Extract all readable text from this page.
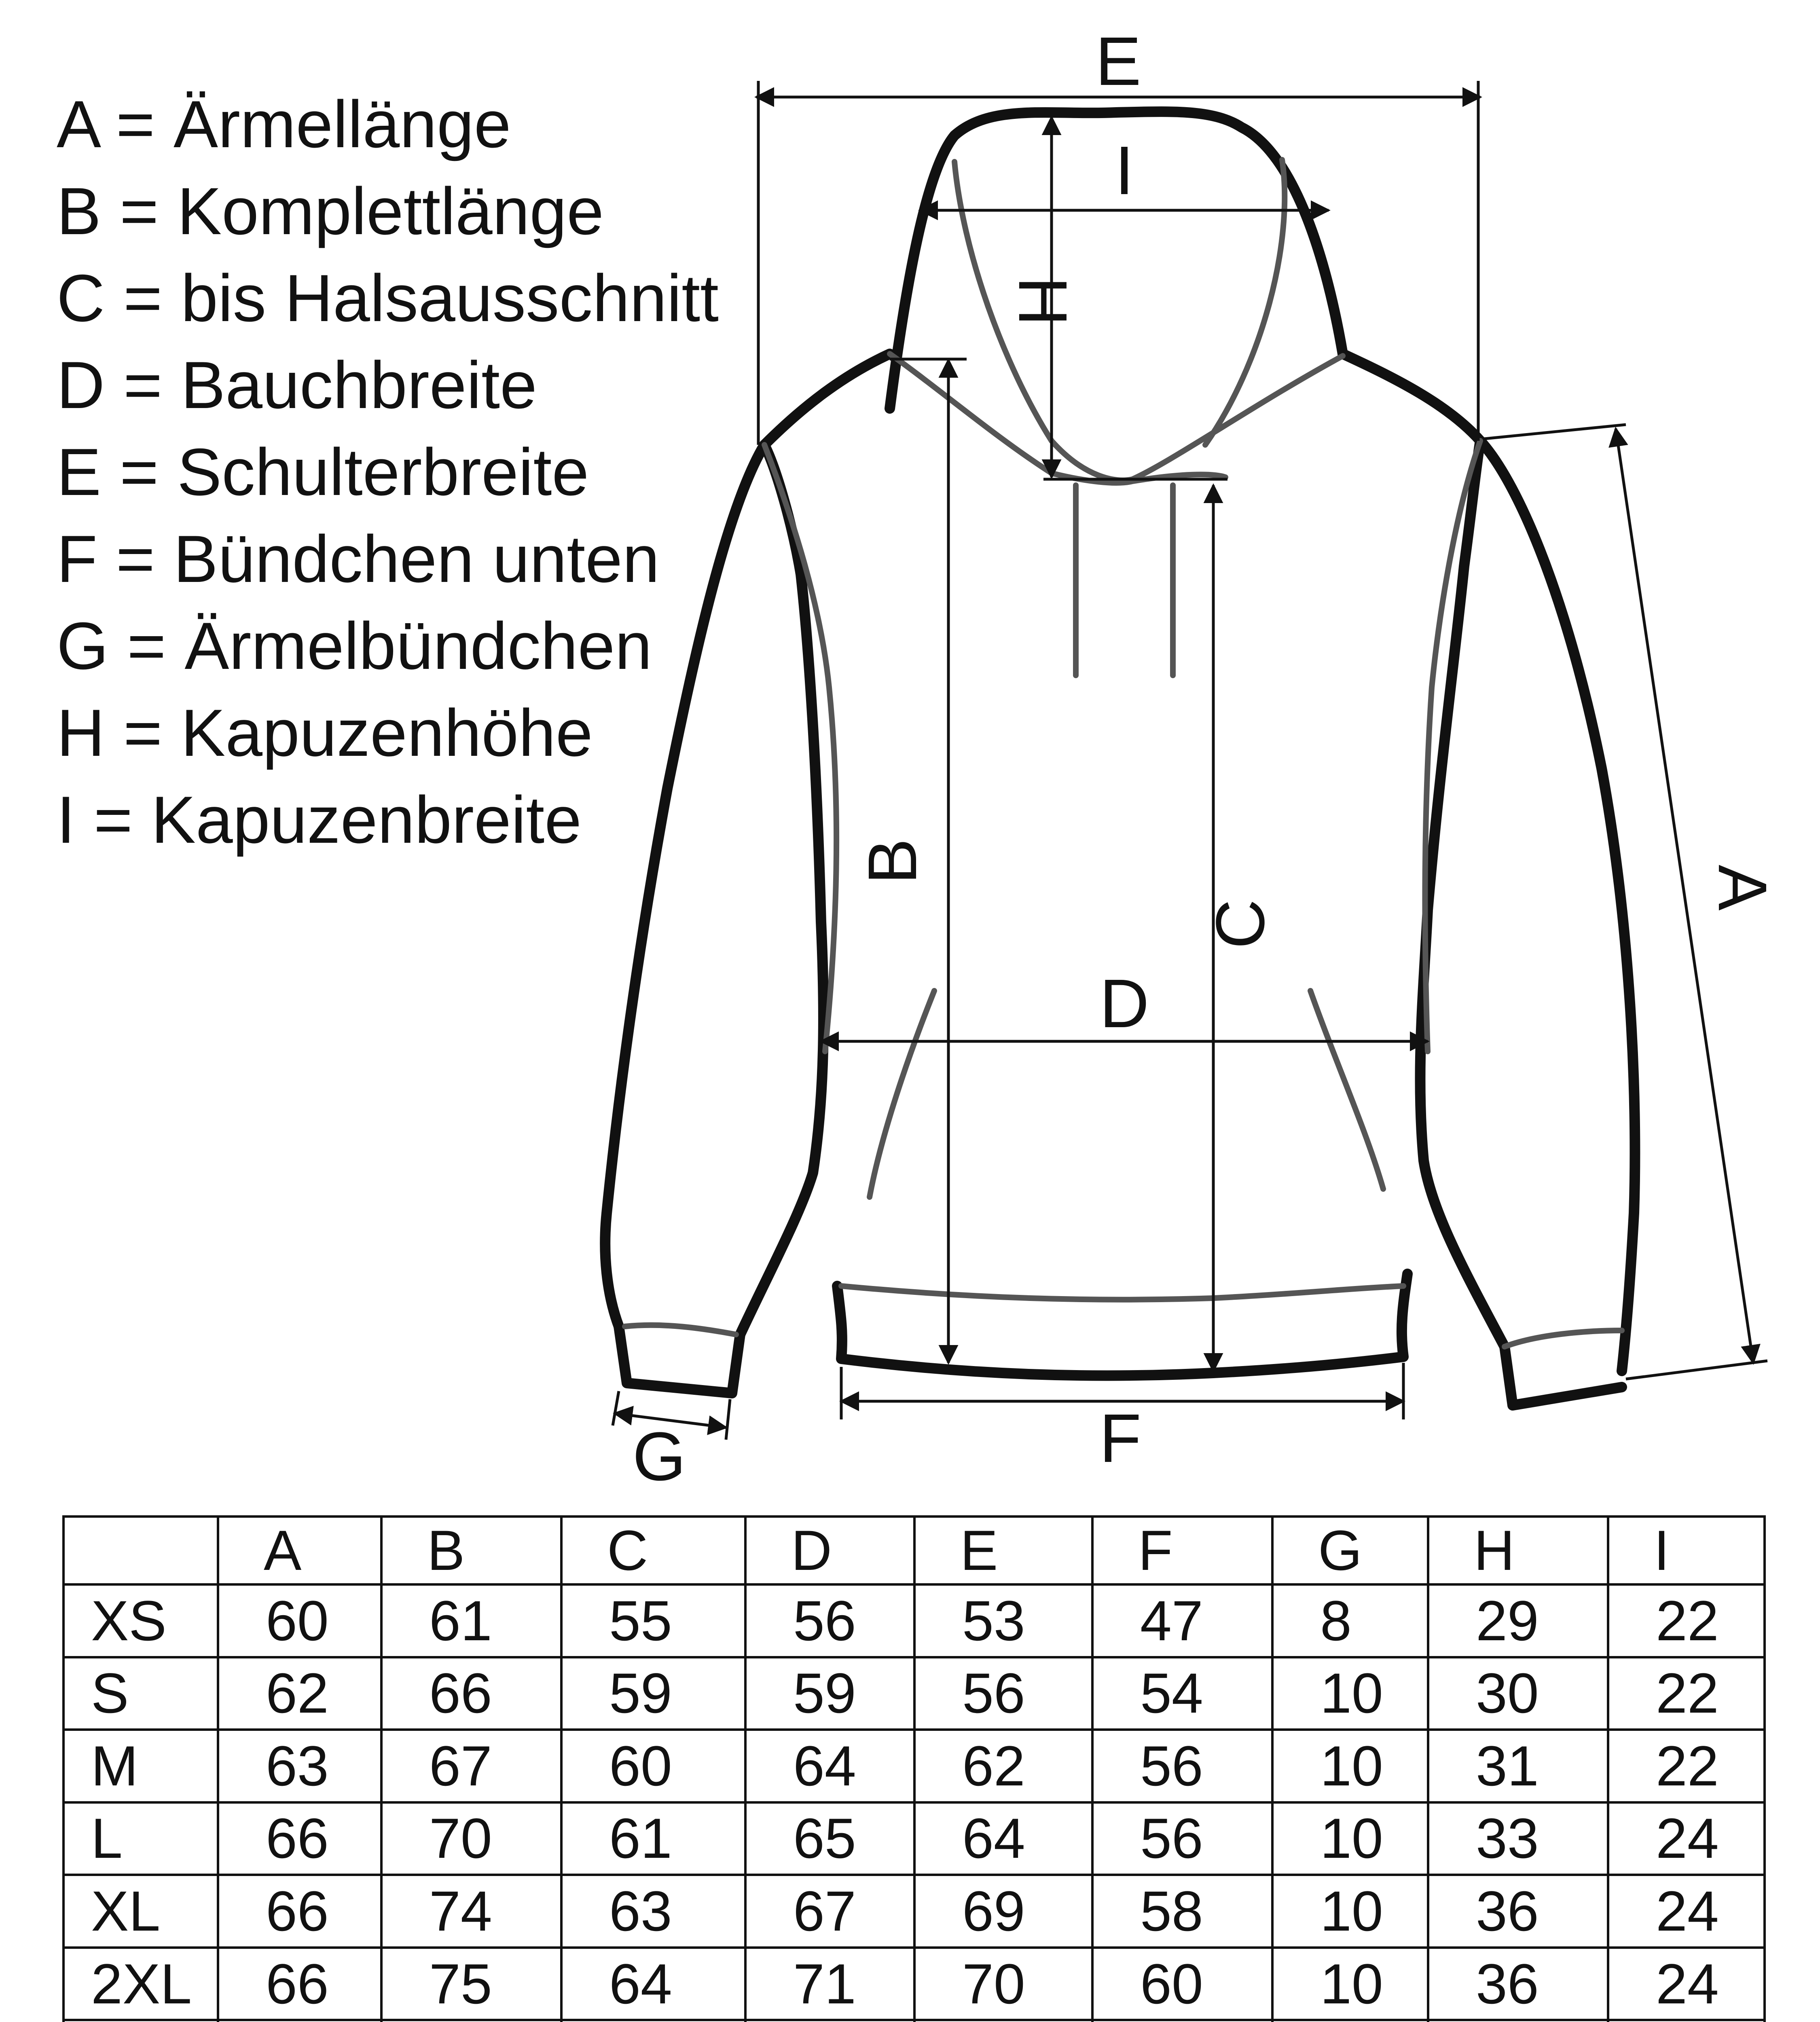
E
I
H
B
C
D
F
G
A
A = Ärmellänge
B = Komplettlänge
C = bis Halsausschnitt
D = Bauchbreite
E = Schulterbreite
F = Bündchen unten
G = Ärmelbündchen
H = Kapuzenhöhe
I = Kapuzenbreite
	A	B	C	D	E	F	G	H	I
XS	60	61	55	56	53	47	8	29	22
S	62	66	59	59	56	54	10	30	22
M	63	67	60	64	62	56	10	31	22
L	66	70	61	65	64	56	10	33	24
XL	66	74	63	67	69	58	10	36	24
2XL	66	75	64	71	70	60	10	36	24
